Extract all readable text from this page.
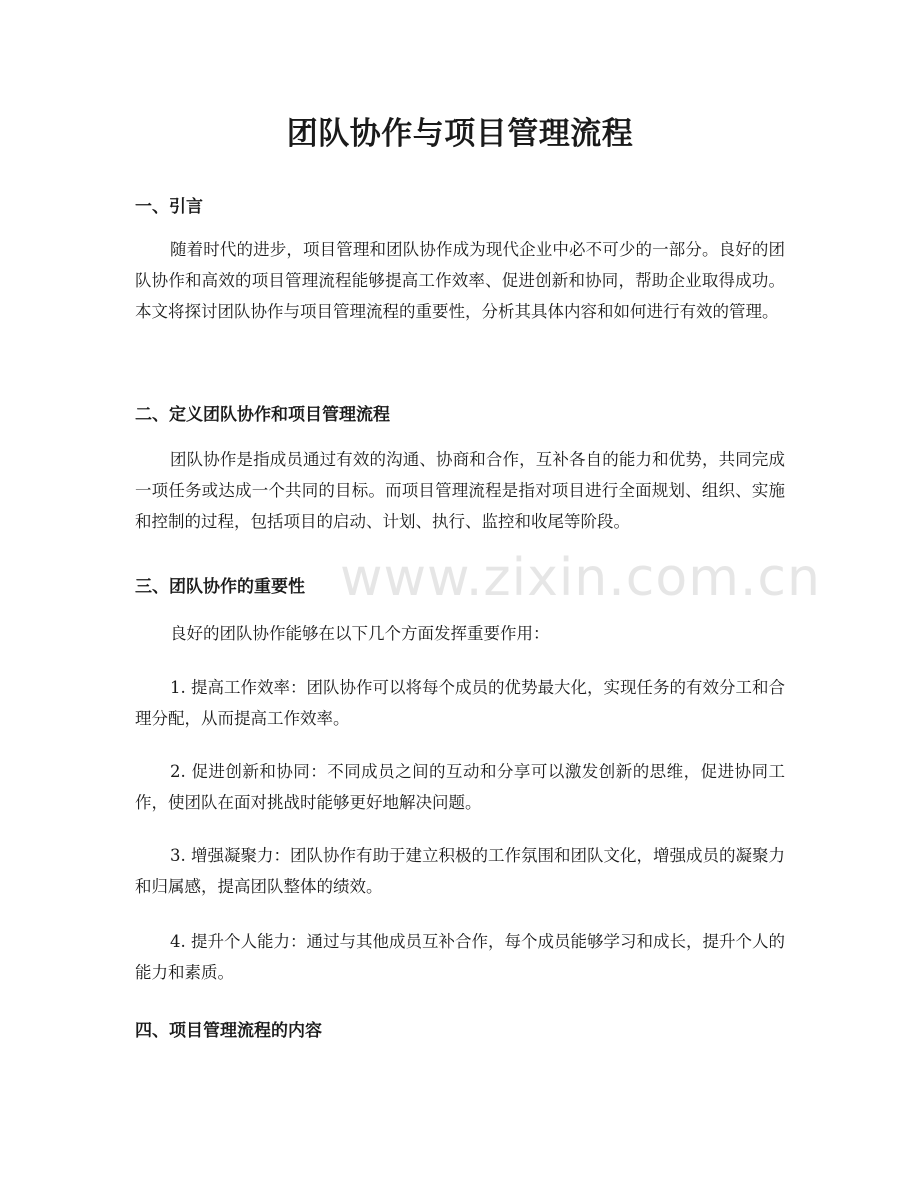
www.zixin.com.cn
团队协作与项目管理流程
一、引言

随着时代的进步，项目管理和团队协作成为现代企业中必不可少的一部分。良好的团队协作和高效的项目管理流程能够提高工作效率、促进创新和协同，帮助企业取得成功。本文将探讨团队协作与项目管理流程的重要性，分析其具体内容和如何进行有效的管理。

二、定义团队协作和项目管理流程

团队协作是指成员通过有效的沟通、协商和合作，互补各自的能力和优势，共同完成一项任务或达成一个共同的目标。而项目管理流程是指对项目进行全面规划、组织、实施和控制的过程，包括项目的启动、计划、执行、监控和收尾等阶段。

三、团队协作的重要性

良好的团队协作能够在以下几个方面发挥重要作用：

1. 提高工作效率：团队协作可以将每个成员的优势最大化，实现任务的有效分工和合理分配，从而提高工作效率。

2. 促进创新和协同：不同成员之间的互动和分享可以激发创新的思维，促进协同工作，使团队在面对挑战时能够更好地解决问题。

3. 增强凝聚力：团队协作有助于建立积极的工作氛围和团队文化，增强成员的凝聚力和归属感，提高团队整体的绩效。

4. 提升个人能力：通过与其他成员互补合作，每个成员能够学习和成长，提升个人的能力和素质。

四、项目管理流程的内容
